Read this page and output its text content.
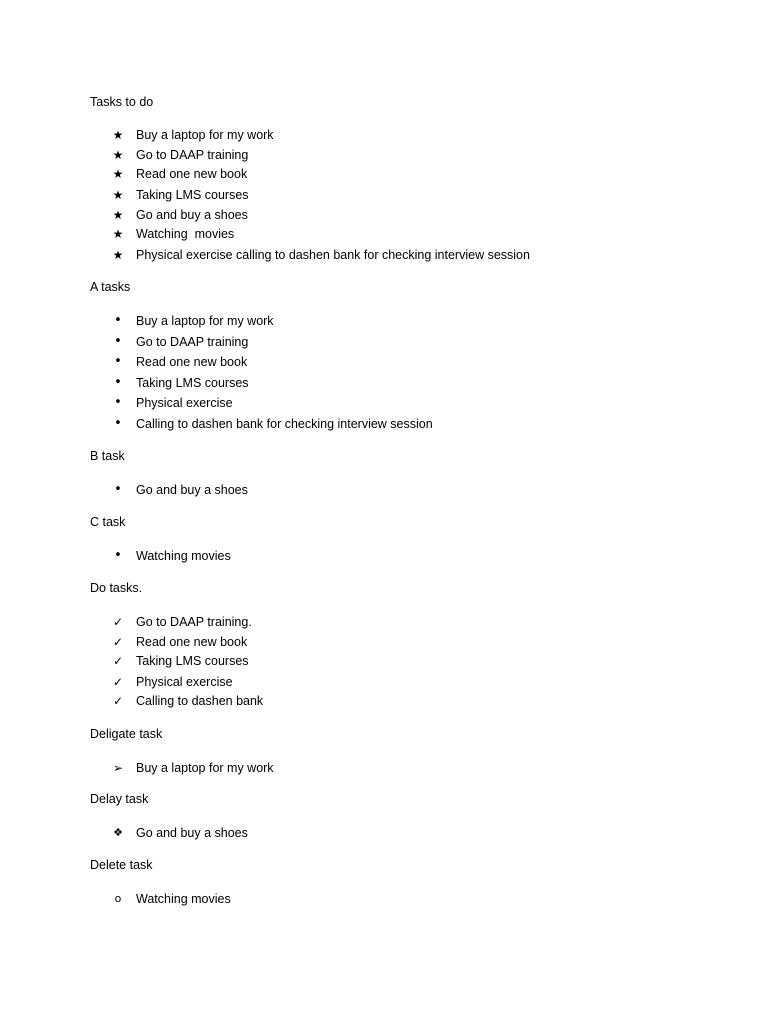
Tasks to do
★ Buy a laptop for my work
★ Go to DAAP training
★ Read one new book
★ Taking LMS courses
★ Go and buy a shoes
★ Watching  movies
★ Physical exercise calling to dashen bank for checking interview session
A tasks
• Buy a laptop for my work
• Go to DAAP training
• Read one new book
• Taking LMS courses
• Physical exercise
• Calling to dashen bank for checking interview session
B task
• Go and buy a shoes
C task
• Watching movies
Do tasks.
✓ Go to DAAP training.
✓ Read one new book
✓ Taking LMS courses
✓ Physical exercise
✓ Calling to dashen bank
Deligate task
➢ Buy a laptop for my work
Delay task
❖ Go and buy a shoes
Delete task
o Watching movies
